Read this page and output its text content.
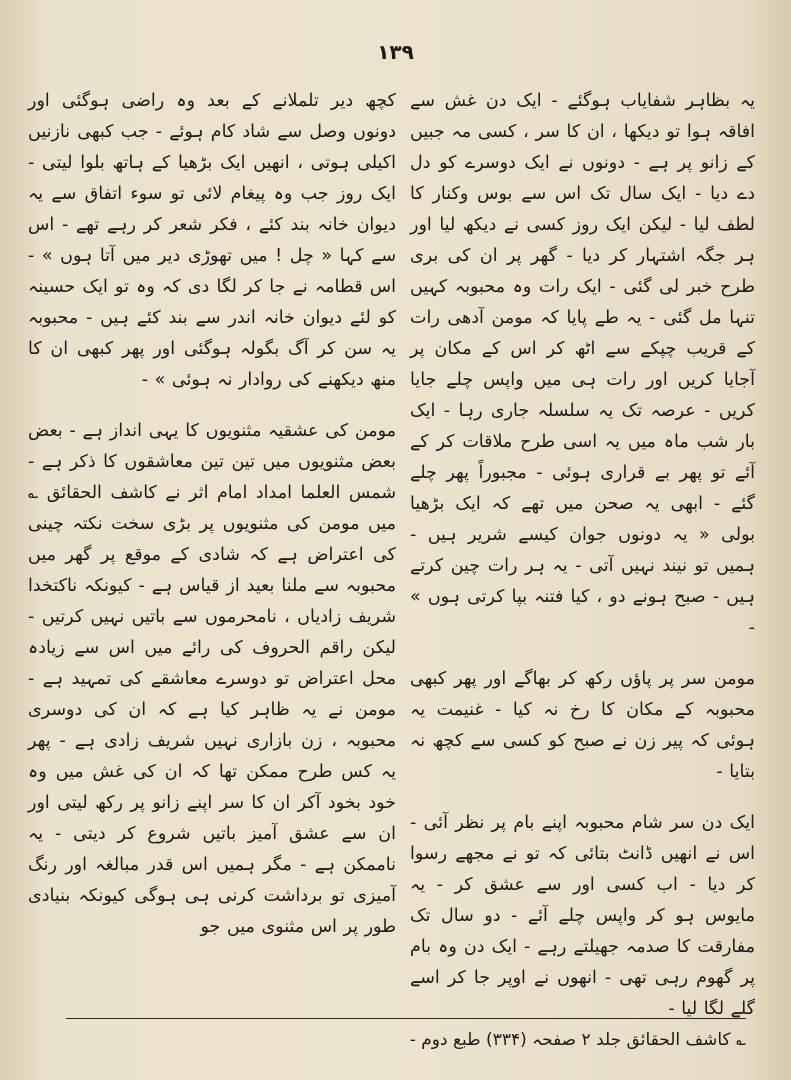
١٣٩

یہ بظاہر شفایاب ہوگئے - ایک دن غش سے افاقہ ہوا تو دیکھا ، ان کا سر ، کسی مہ جبیں کے زانو پر ہے - دونوں نے ایک دوسرے کو دل دے دیا - ایک سال تک اس سے بوس وکنار کا لطف لیا - لیکن ایک روز کسی نے دیکھ لیا اور ہر جگہ اشتہار کر دیا - گھر پر ان کی بری طرح خبر لی گئی - ایک رات وہ محبوبہ کہیں تنہا مل گئی - یہ طے پایا کہ مومن آدھی رات کے قریب چپکے سے اٹھ کر اس کے مکان پر آجایا کریں اور رات ہی میں واپس چلے جایا کریں - عرصہ تک یہ سلسلہ جاری رہا - ایک بار شب ماہ میں یہ اسی طرح ملاقات کر کے آئے تو پھر بے قراری ہوئی - مجبوراً پھر چلے گئے - ابھی یہ صحن میں تھے کہ ایک بڑھیا بولی « یہ دونوں جوان کیسے شریر ہیں - ہمیں تو نیند نہیں آتی - یہ ہر رات چین کرتے ہیں - صبح ہونے دو ، کیا فتنہ بپا کرتی ہوں » -

مومن سر پر پاؤں رکھ کر بھاگے اور پھر کبھی محبوبہ کے مکان کا رخ نہ کیا - غنیمت یہ ہوئی کہ پیر زن نے صبح کو کسی سے کچھ نہ بتایا -

ایک دن سر شام محبوبہ اپنے بام پر نظر آئی - اس نے انھیں ڈانٹ بتائی کہ تو نے مجھے رسوا کر دیا - اب کسی اور سے عشق کر - یہ مایوس ہو کر واپس چلے آئے - دو سال تک مفارقت کا صدمہ جھیلتے رہے - ایک دن وہ بام پر گھوم رہی تھی - انھوں نے اوپر جا کر اسے گلے لگا لیا -

کچھ دیر تلملانے کے بعد وہ راضی ہوگئی اور دونوں وصل سے شاد کام ہوئے - جب کبھی نازنیں اکیلی ہوتی ، انھیں ایک بڑھیا کے ہاتھ بلوا لیتی - ایک روز جب وہ پیغام لائی تو سوء اتفاق سے یہ دیوان خانہ بند کئے ، فکر شعر کر رہے تھے - اس سے کہا « چل ! میں تھوڑی دیر میں آتا ہوں » - اس قطامہ نے جا کر لگا دی کہ وہ تو ایک حسینہ کو لئے دیوان خانہ اندر سے بند کئے ہیں - محبوبہ یہ سن کر آگ بگولہ ہوگئی اور پھر کبھی ان کا منھ دیکھنے کی روادار نہ ہوئی » -

مومن کی عشقیہ مثنویوں کا یہی انداز ہے - بعض بعض مثنویوں میں تین تین معاشقوں کا ذکر ہے - شمس العلما امداد امام اثر نے کاشف الحقائق ؎ میں مومن کی مثنویوں پر بڑی سخت نکتہ چینی کی اعتراض ہے کہ شادی کے موقع پر گھر میں محبوبہ سے ملنا بعید از قیاس ہے - کیونکہ ناکتخدا شریف زادیاں ، نامحرموں سے باتیں نہیں کرتیں - لیکن راقم الحروف کی رائے میں اس سے زیادہ محل اعتراض تو دوسرے معاشقے کی تمہید ہے - مومن نے یہ ظاہر کیا ہے کہ ان کی دوسری محبوبہ ، زن بازاری نہیں شریف زادی ہے - پھر یہ کس طرح ممکن تھا کہ ان کی غش میں وہ خود بخود آکر ان کا سر اپنے زانو پر رکھ لیتی اور ان سے عشق آمیز باتیں شروع کر دیتی - یہ ناممکن ہے - مگر ہمیں اس قدر مبالغہ اور رنگ آمیزی تو برداشت کرنی ہی ہوگی کیونکہ بنیادی طور پر اس مثنوی میں جو

؎ کاشف الحقائق جلد ۲ صفحہ (۳۳۴) طبع دوم -
